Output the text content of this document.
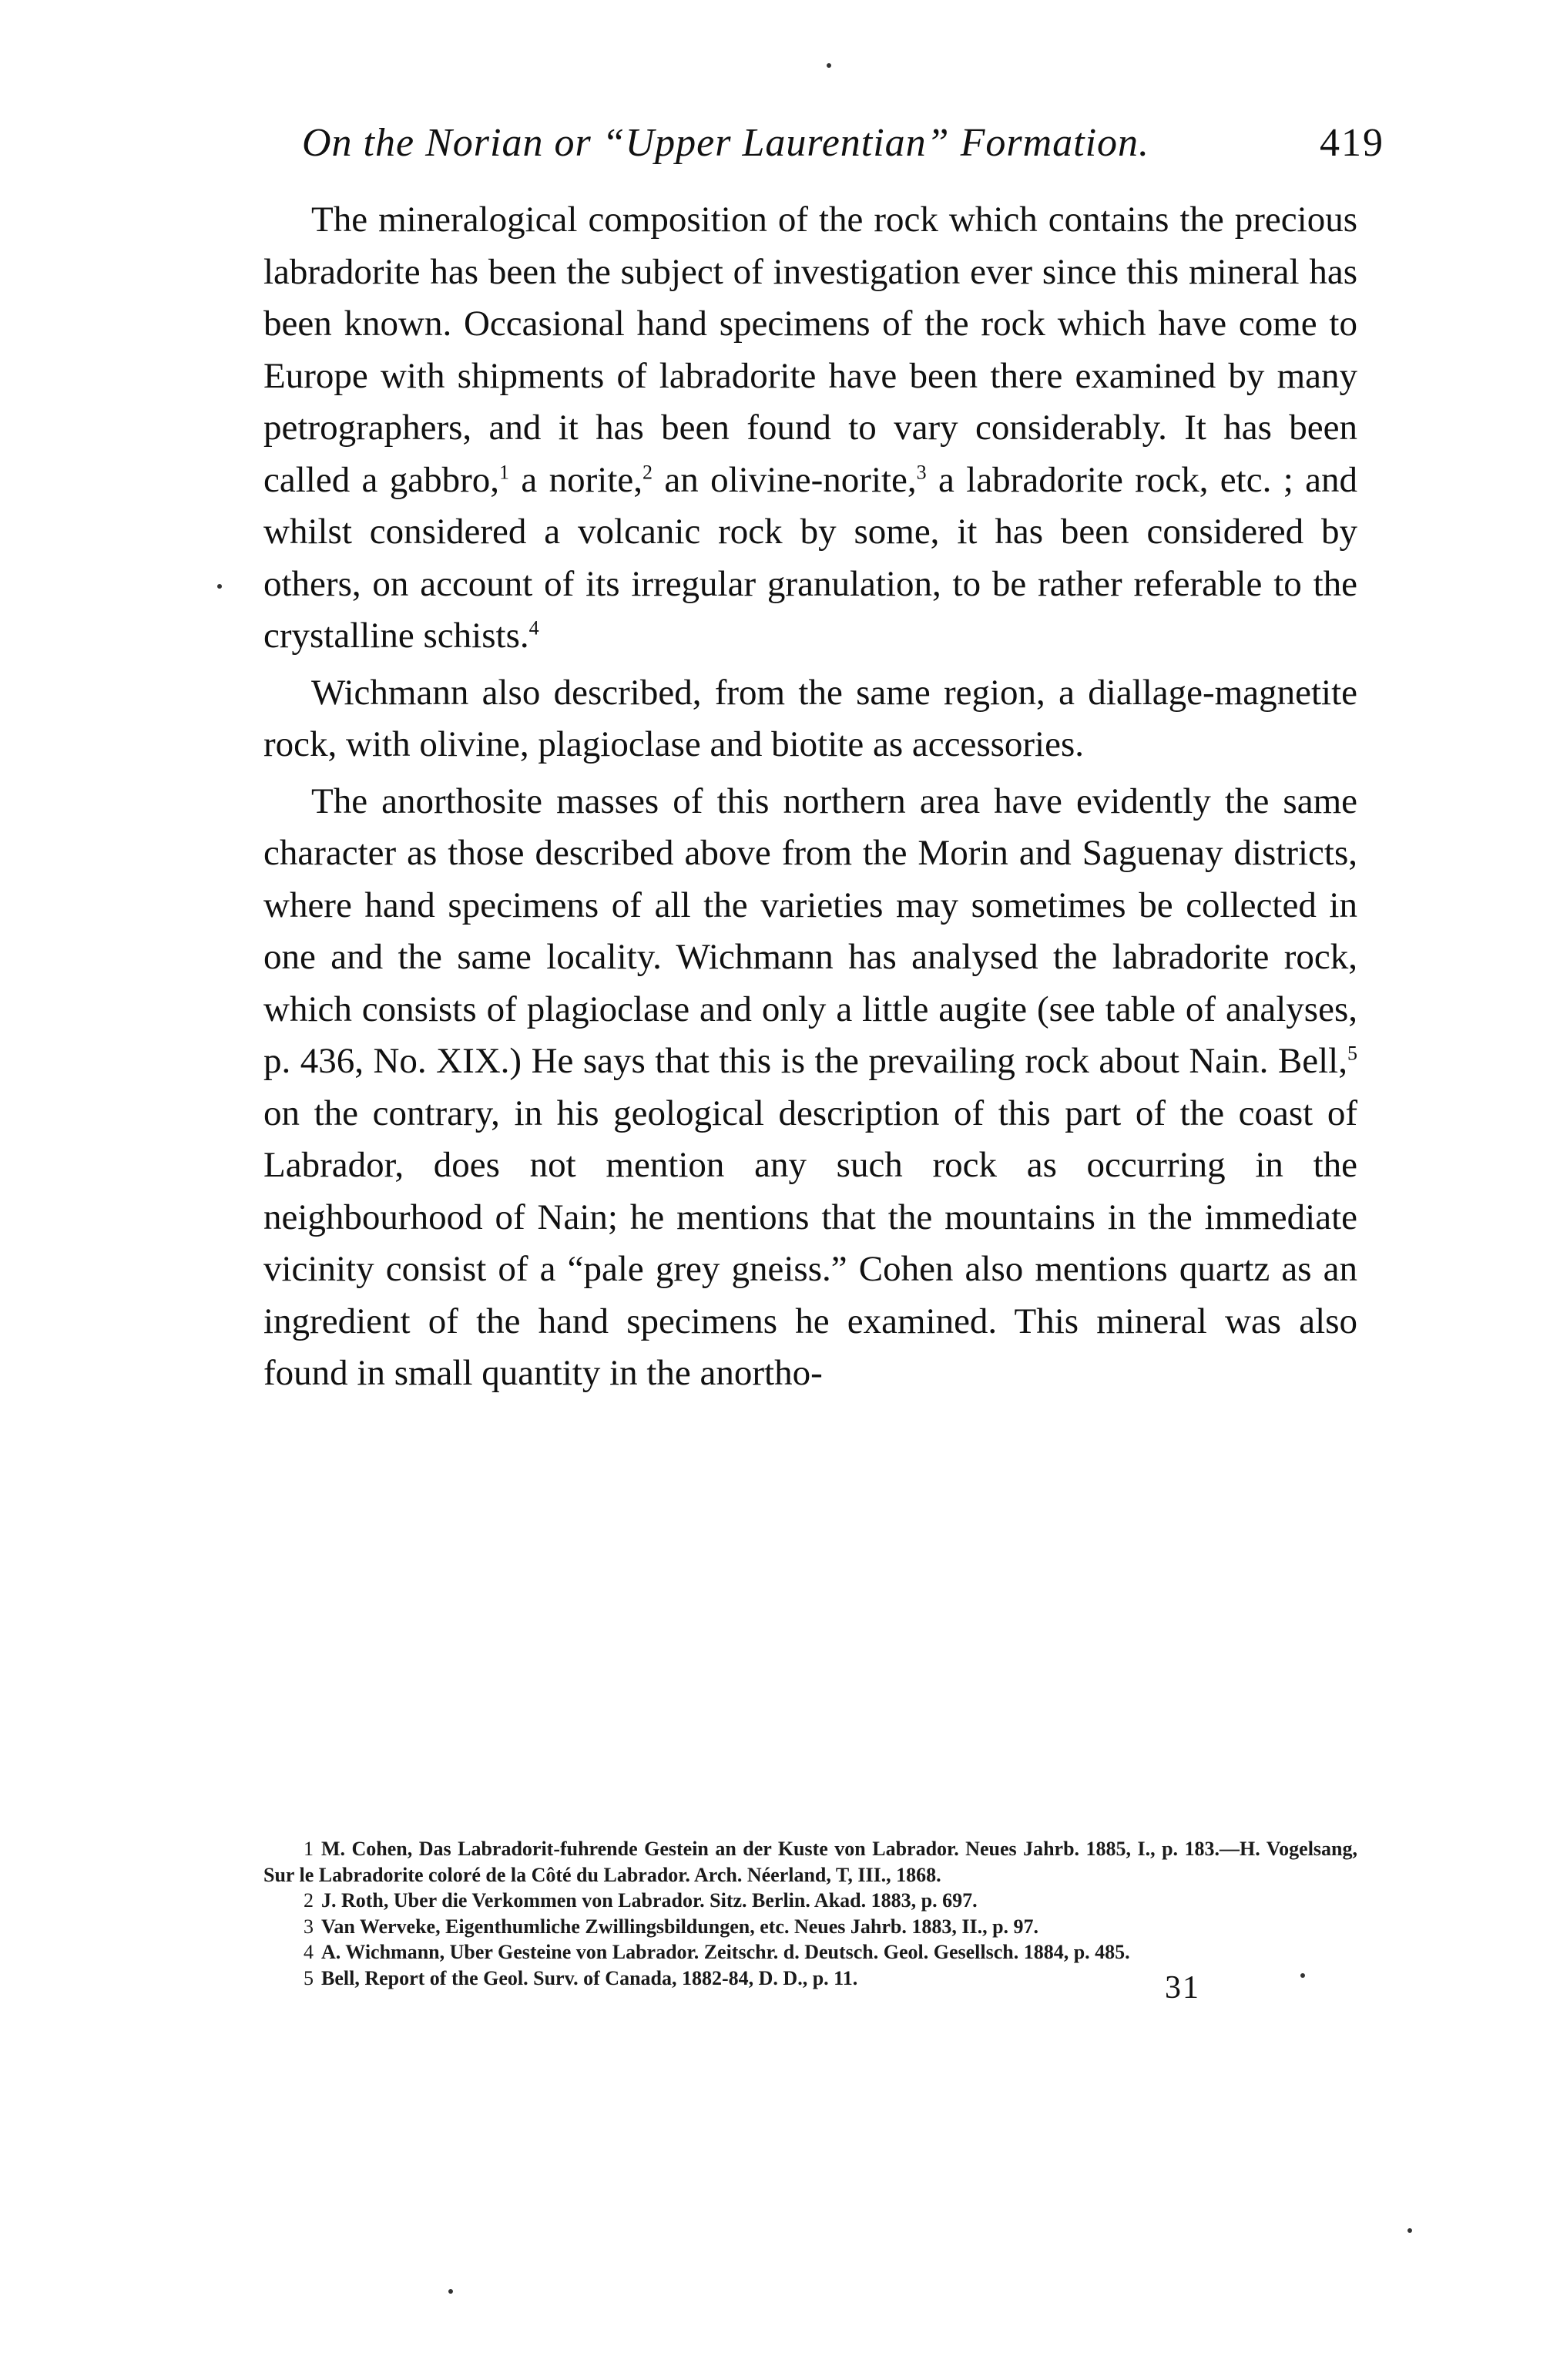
On the Norian or “Upper Laurentian” Formation.	419

The mineralogical composition of the rock which contains the precious labradorite has been the subject of investigation ever since this mineral has been known. Occasional hand specimens of the rock which have come to Europe with shipments of labradorite have been there examined by many petrographers, and it has been found to vary considerably. It has been called a gabbro,$^1$ a norite,$^2$ an olivine-norite,$^3$ a labradorite rock, etc. ; and whilst considered a volcanic rock by some, it has been considered by others, on account of its irregular granulation, to be rather referable to the crystalline schists.$^4$

Wichmann also described, from the same region, a diallage-magnetite rock, with olivine, plagioclase and biotite as accessories.

The anorthosite masses of this northern area have evidently the same character as those described above from the Morin and Saguenay districts, where hand specimens of all the varieties may sometimes be collected in one and the same locality. Wichmann has analysed the labradorite rock, which consists of plagioclase and only a little augite (see table of analyses, p. 436, No. XIX.) He says that this is the prevailing rock about Nain. Bell,$^5$ on the contrary, in his geological description of this part of the coast of Labrador, does not mention any such rock as occurring in the neighbourhood of Nain; he mentions that the mountains in the immediate vicinity consist of a “pale grey gneiss.” Cohen also mentions quartz as an ingredient of the hand specimens he examined. This mineral was also found in small quantity in the anortho-

1 M. Cohen, Das Labradorit-fuhrende Gestein an der Kuste von Labrador. Neues Jahrb. 1885, I., p. 183.—H. Vogelsang, Sur le Labradorite coloré de la Côté du Labrador. Arch. Néerland, T, III., 1868.

2 J. Roth, Uber die Verkommen von Labrador. Sitz. Berlin. Akad. 1883, p. 697.

3 Van Werveke, Eigenthumliche Zwillingsbildungen, etc. Neues Jahrb. 1883, II., p. 97.

4 A. Wichmann, Uber Gesteine von Labrador. Zeitschr. d. Deutsch. Geol. Gesellsch. 1884, p. 485.

5 Bell, Report of the Geol. Surv. of Canada, 1882-84, D. D., p. 11.	31
